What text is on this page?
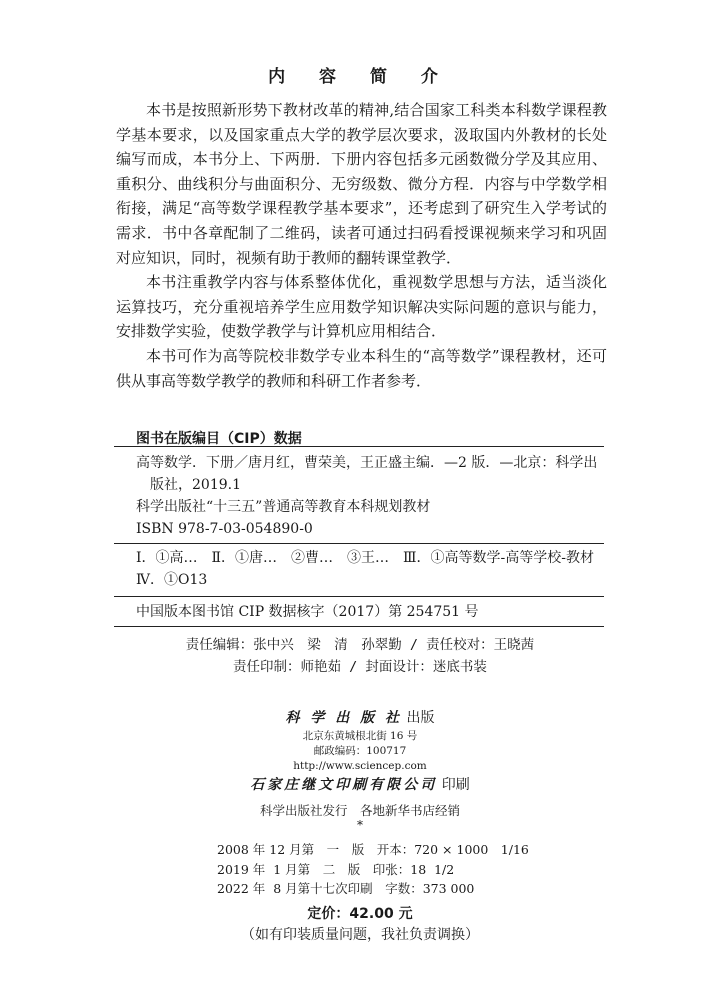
内 容 简 介

本书是按照新形势下教材改革的精神,结合国家工科类本科数学课程教学基本要求，以及国家重点大学的教学层次要求，汲取国内外教材的长处编写而成，本书分上、下两册．下册内容包括多元函数微分学及其应用、重积分、曲线积分与曲面积分、无穷级数、微分方程．内容与中学数学相衔接，满足“高等数学课程教学基本要求”，还考虑到了研究生入学考试的需求．书中各章配制了二维码，读者可通过扫码看授课视频来学习和巩固对应知识，同时，视频有助于教师的翻转课堂教学．

本书注重教学内容与体系整体优化，重视数学思想与方法，适当淡化运算技巧，充分重视培养学生应用数学知识解决实际问题的意识与能力，安排数学实验，使数学教学与计算机应用相结合．

本书可作为高等院校非数学专业本科生的“高等数学”课程教材，还可供从事高等数学教学的教师和科研工作者参考．

图书在版编目（CIP）数据

高等数学．下册／唐月红，曹荣美，王正盛主编．—2 版．—北京：科学出版社，2019.1

科学出版社“十三五”普通高等教育本科规划教材

ISBN 978-7-03-054890-0

Ⅰ．①高…　Ⅱ．①唐…　②曹…　③王…　Ⅲ．①高等数学-高等学校-教材 Ⅳ．①O13
中国版本图书馆 CIP 数据核字（2017）第 254751 号
责任编辑：张中兴　梁　清　孙翠勤 / 责任校对：王晓茜
责任印制：师艳茹 / 封面设计：迷底书装

科 学 出 版 社 出版

北京东黄城根北街 16 号

邮政编码：100717

http://www.sciencep.com

石家庄继文印刷有限公司 印刷

科学出版社发行　各地新华书店经销

*
2008 年 12 月第　 一　 版　 开本：720 × 1000　1/16
2019 年  1 月第　 二　 版　 印张：18  1/2
2022 年  8 月第十七次印刷　 字数：373 000
定价：42.00 元
（如有印装质量问题，我社负责调换）
